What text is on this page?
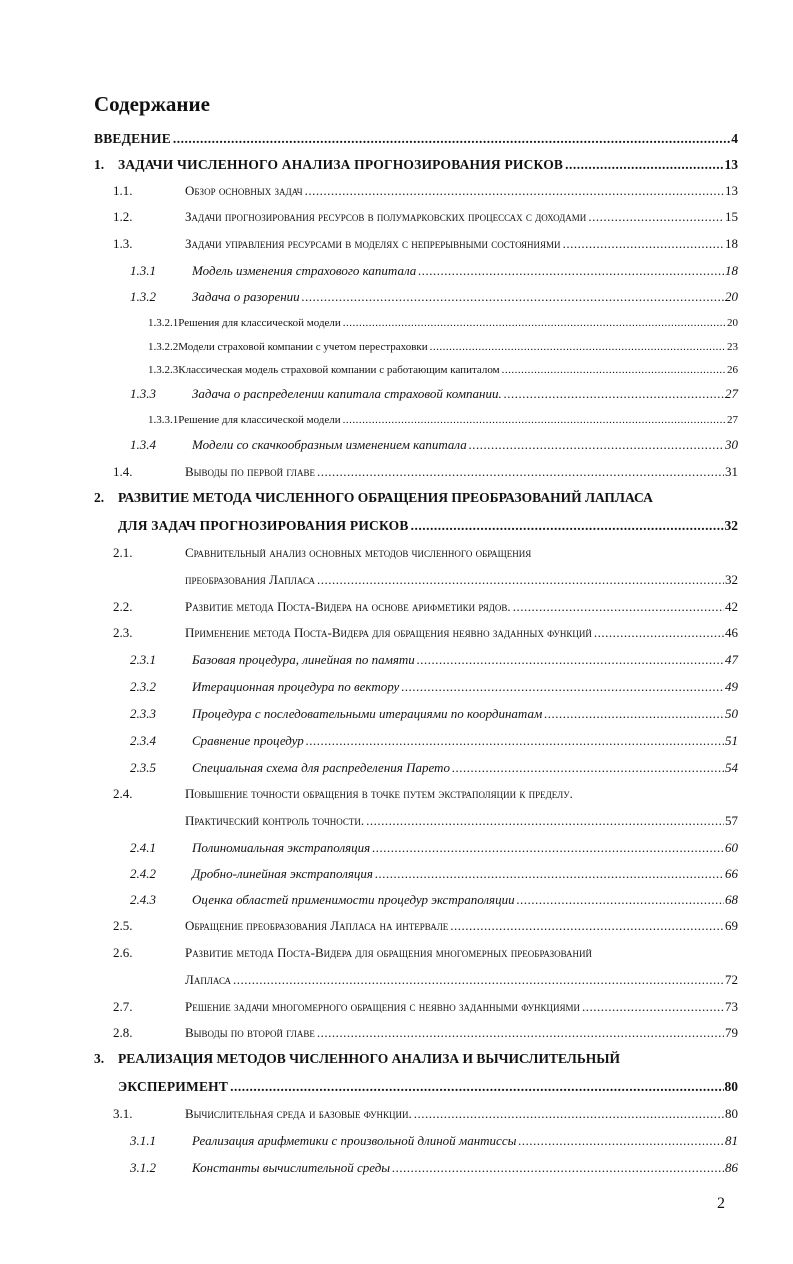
Содержание
ВВЕДЕНИЕ .....	4
1. ЗАДАЧИ ЧИСЛЕННОГО АНАЛИЗА ПРОГНОЗИРОВАНИЯ РИСКОВ .....	13
1.1.	Обзор основных задач .....	13
1.2.	Задачи прогнозирования ресурсов в полумарковских процессах с доходами .....	15
1.3.	Задачи управления ресурсами в моделях с непрерывными состояниями .....	18
1.3.1	Модель изменения страхового капитала .....	18
1.3.2	Задача о разорении .....	20
1.3.2.1 Решения для классической модели .....	20
1.3.2.2 Модели страховой компании с учетом перестраховки .....	23
1.3.2.3 Классическая модель страховой компании с работающим капиталом .....	26
1.3.3	Задача о распределении капитала страховой компании. .....	27
1.3.3.1 Решение для классической модели .....	27
1.3.4	Модели со скачкообразным изменением капитала .....	30
1.4.	Выводы по первой главе .....	31
2. РАЗВИТИЕ МЕТОДА ЧИСЛЕННОГО ОБРАЩЕНИЯ ПРЕОБРАЗОВАНИЙ ЛАПЛАСА
ДЛЯ ЗАДАЧ ПРОГНОЗИРОВАНИЯ РИСКОВ .....	32
2.1.	Сравнительный анализ основных методов численного обращения
преобразования Лапласа .....	32
2.2.	Развитие метода Поста-Видера на основе арифметики рядов. .....	42
2.3.	Применение метода Поста-Видера для обращения неявно заданных функций .....	46
2.3.1	Базовая процедура, линейная по памяти .....	47
2.3.2	Итерационная процедура по вектору .....	49
2.3.3	Процедура с последовательными итерациями по координатам .....	50
2.3.4	Сравнение процедур .....	51
2.3.5	Специальная схема для распределения Парето .....	54
2.4.	Повышение точности обращения в точке путем экстраполяции к пределу.
Практический контроль точности. .....	57
2.4.1	Полиномиальная экстраполяция .....	60
2.4.2	Дробно-линейная экстраполяция .....	66
2.4.3	Оценка областей применимости процедур экстраполяции .....	68
2.5.	Обращение преобразования Лапласа на интервале .....	69
2.6.	Развитие метода Поста-Видера для обращения многомерных преобразований
Лапласа .....	72
2.7.	Решение задачи многомерного обращения с неявно заданными функциями .....	73
2.8.	Выводы по второй главе .....	79
3. РЕАЛИЗАЦИЯ МЕТОДОВ ЧИСЛЕННОГО АНАЛИЗА И ВЫЧИСЛИТЕЛЬНЫЙ
ЭКСПЕРИМЕНТ .....	80
3.1.	Вычислительная среда и базовые функции. .....	80
3.1.1	Реализация арифметики с произвольной длиной мантиссы .....	81
3.1.2	Константы вычислительной среды .....	86
2
